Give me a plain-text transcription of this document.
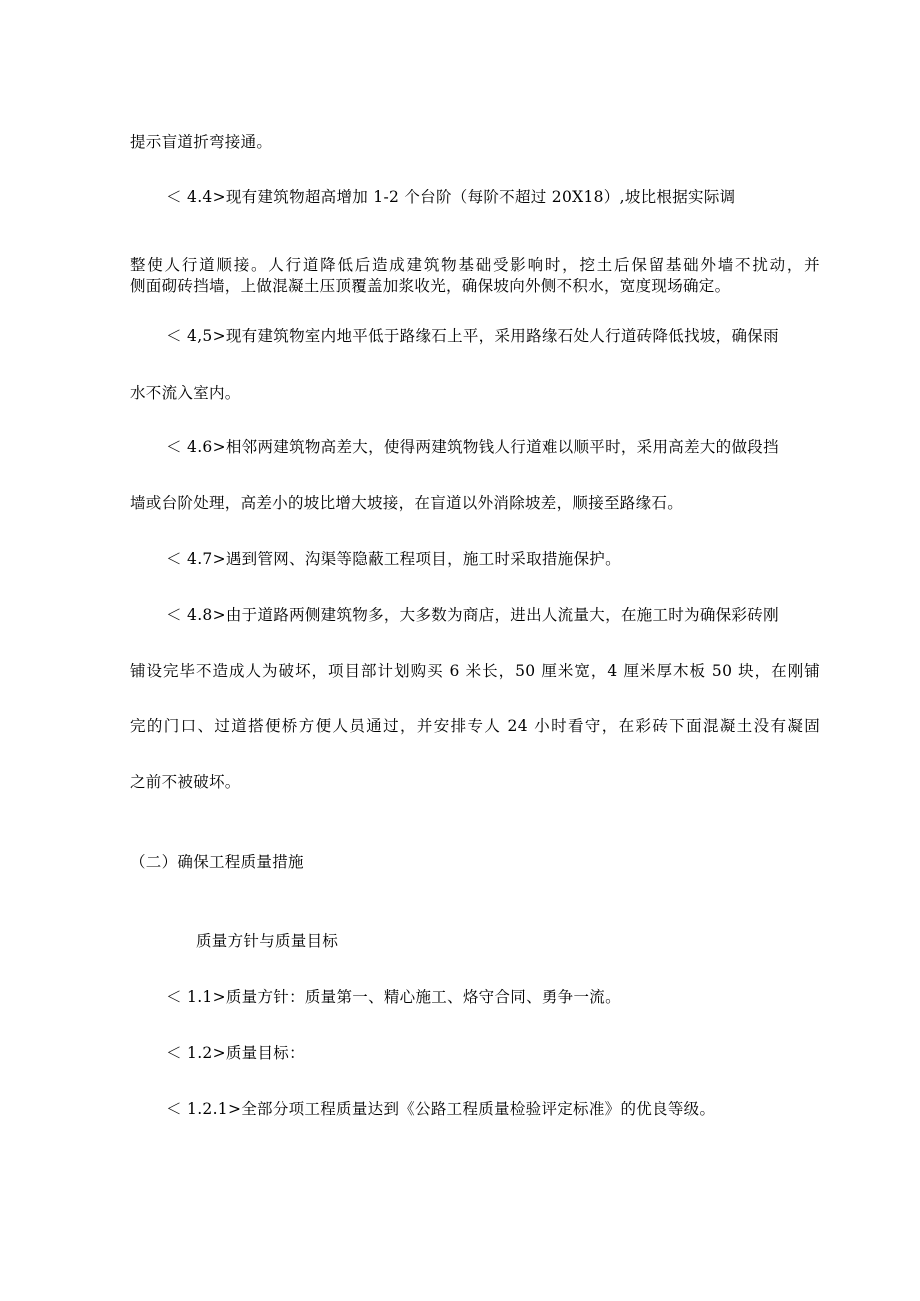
提示盲道折弯接通。
＜ 4.4>现有建筑物超高增加 1-2 个台阶（每阶不超过 20X18）,坡比根据实际调
整使人行道顺接。人行道降低后造成建筑物基础受影响时，挖土后保留基础外墙不扰动，并
侧面砌砖挡墙，上做混凝土压顶覆盖加浆收光，确保坡向外侧不积水，宽度现场确定。
＜ 4,5>现有建筑物室内地平低于路缘石上平，采用路缘石处人行道砖降低找坡，确保雨
水不流入室内。
＜ 4.6>相邻两建筑物高差大，使得两建筑物钱人行道难以顺平时，采用高差大的做段挡
墙或台阶处理，高差小的坡比增大坡接，在盲道以外消除坡差，顺接至路缘石。
＜ 4.7>遇到管网、沟渠等隐蔽工程项目，施工时采取措施保护。
＜ 4.8>由于道路两侧建筑物多，大多数为商店，进出人流量大，在施工时为确保彩砖刚
铺设完毕不造成人为破坏，项目部计划购买 6 米长，50 厘米宽，4 厘米厚木板 50 块，在刚铺
完的门口、过道搭便桥方便人员通过，并安排专人 24 小时看守，在彩砖下面混凝土没有凝固
之前不被破坏。
（二）确保工程质量措施
质量方针与质量目标
＜ 1.1>质量方针：质量第一、精心施工、烙守合同、勇争一流。
＜ 1.2>质量目标：
＜ 1.2.1>全部分项工程质量达到《公路工程质量检验评定标准》的优良等级。
